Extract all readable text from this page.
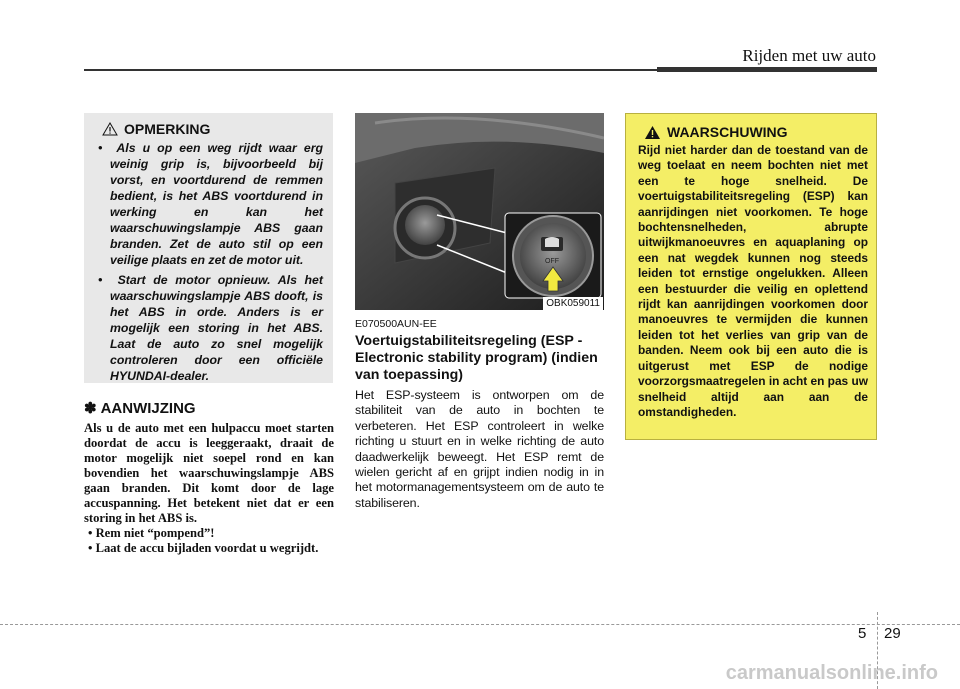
Rijden met uw auto
OPMERKING
•  Als u op een weg rijdt waar erg weinig grip is, bijvoorbeeld bij vorst, en voortdurend de remmen bedient, is het ABS voortdurend in werking en kan het waarschuwingslampje ABS gaan branden. Zet de auto stil op een veilige plaats en zet de motor uit.
•  Start de motor opnieuw. Als het waarschuwingslampje ABS dooft, is het ABS in orde. Anders is er mogelijk een storing in het ABS. Laat de auto zo snel mogelijk controleren door een officiële HYUNDAI-dealer.
✽ AANWIJZING
Als u de auto met een hulpaccu moet starten doordat de accu is leeggeraakt, draait de motor mogelijk niet soepel rond en kan bovendien het waarschuwingslampje ABS gaan branden. Dit komt door de lage accuspanning. Het betekent niet dat er een storing in het ABS is.
• Rem niet “pompend”!
• Laat de accu bijladen voordat u wegrijdt.
OFF
OBK059011
E070500AUN-EE
Voertuigstabiliteitsregeling (ESP - Electronic stability program) (indien van toepassing)
Het ESP-systeem is ontworpen om de stabiliteit van de auto in bochten te verbeteren. Het ESP controleert in welke richting u stuurt en in welke richting de auto daadwerkelijk beweegt. Het ESP remt de wielen gericht af en grijpt indien nodig in in het motormanagementsysteem om de auto te stabiliseren.
WAARSCHUWING
Rijd niet harder dan de toestand van de weg toelaat en neem bochten niet met een te hoge snelheid. De voertuigstabiliteitsregeling (ESP) kan aanrijdingen niet voorkomen. Te hoge bochtensnelheden, abrupte uitwijkmanoeuvres en aquaplaning op een nat wegdek kunnen nog steeds leiden tot ernstige ongelukken. Alleen een bestuurder die veilig en oplettend rijdt kan aanrijdingen voorkomen door manoeuvres te vermijden die kunnen leiden tot het verlies van grip van de banden. Neem ook bij een auto die is uitgerust met ESP de nodige voorzorgsmaatregelen in acht en pas uw snelheid altijd aan aan de omstandigheden.
5 29
carmanualsonline.info
